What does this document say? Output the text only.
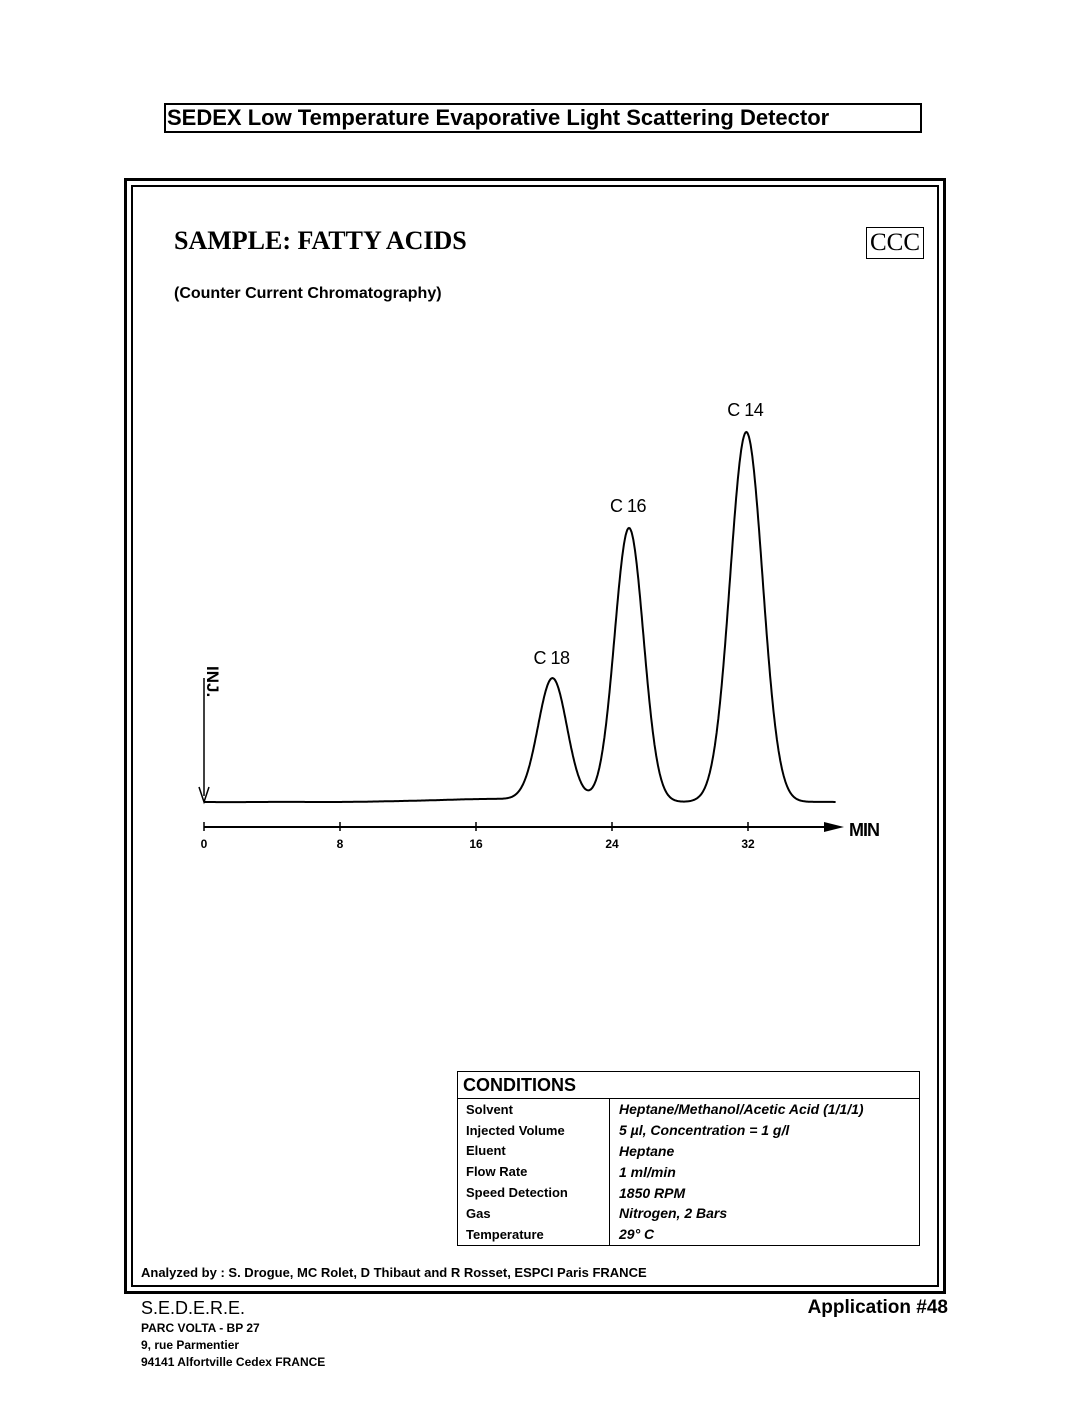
SEDEX Low Temperature Evaporative Light Scattering Detector
SAMPLE: FATTY ACIDS	CCC
(Counter Current Chromatography)
MIN
0	8	16	24	32
INJ.
C 18
C 16
C 14
CONDITIONS
Solvent	Heptane/Methanol/Acetic Acid (1/1/1)
Injected Volume	5 µl, Concentration = 1 g/l
Eluent	Heptane
Flow Rate	1 ml/min
Speed Detection	1850 RPM
Gas	Nitrogen, 2 Bars
Temperature	29° C
Analyzed by : S. Drogue, MC Rolet, D Thibaut and R Rosset, ESPCI Paris FRANCE
S.E.D.E.R.E.
PARC VOLTA - BP 27
9, rue Parmentier
94141 Alfortville Cedex FRANCE
Application #48
